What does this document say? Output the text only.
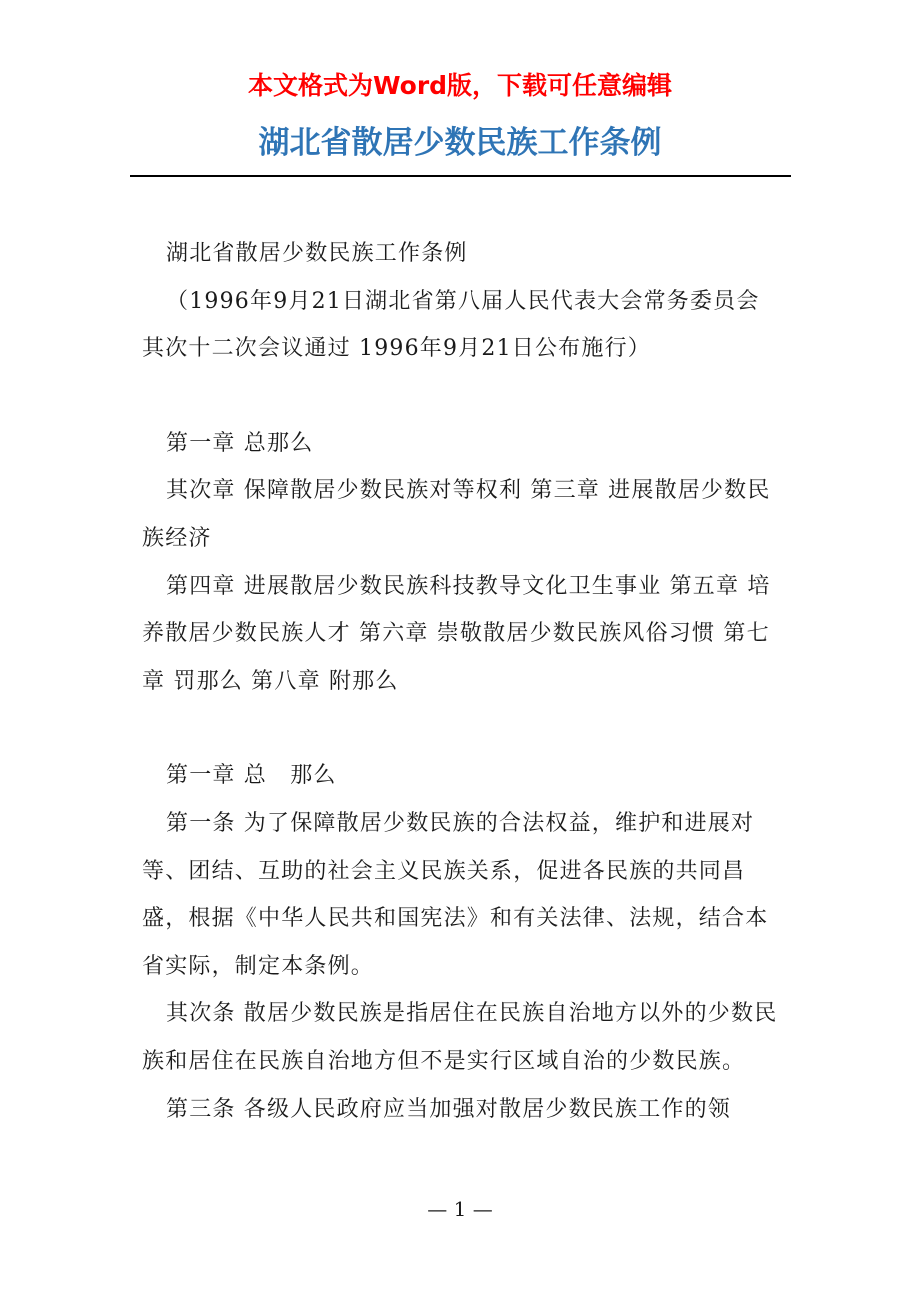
本文格式为Word版，下载可任意编辑
湖北省散居少数民族工作条例

湖北省散居少数民族工作条例

（1996年9月21日湖北省第八届人民代表大会常务委员会其次十二次会议通过 1996年9月21日公布施行）

第一章 总那么

其次章 保障散居少数民族对等权利 第三章 进展散居少数民族经济

第四章 进展散居少数民族科技教导文化卫生事业 第五章 培养散居少数民族人才 第六章 崇敬散居少数民族风俗习惯 第七章 罚那么 第八章 附那么

第一章 总　那么

第一条 为了保障散居少数民族的合法权益，维护和进展对等、团结、互助的社会主义民族关系，促进各民族的共同昌盛，根据《中华人民共和国宪法》和有关法律、法规，结合本省实际，制定本条例。

其次条 散居少数民族是指居住在民族自治地方以外的少数民族和居住在民族自治地方但不是实行区域自治的少数民族。

第三条 各级人民政府应当加强对散居少数民族工作的领

— 1 —
